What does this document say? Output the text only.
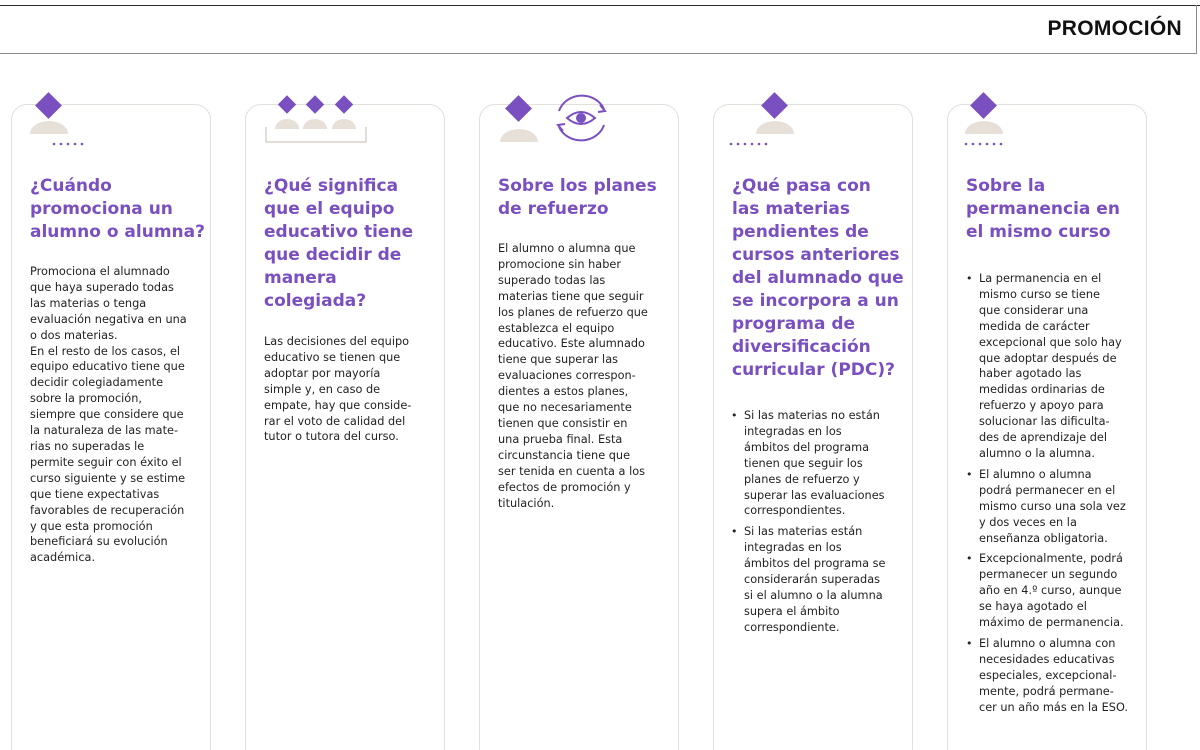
PROMOCIÓN
¿Cuándo
promociona un
alumno o alumna?
Promociona el alumnado
que haya superado todas
las materias o tenga
evaluación negativa en una
o dos materias.
En el resto de los casos, el
equipo educativo tiene que
decidir colegiadamente
sobre la promoción,
siempre que considere que
la naturaleza de las mate-
rias no superadas le
permite seguir con éxito el
curso siguiente y se estime
que tiene expectativas
favorables de recuperación
y que esta promoción
beneficiará su evolución
académica.
¿Qué significa
que el equipo
educativo tiene
que decidir de
manera
colegiada?
Las decisiones del equipo
educativo se tienen que
adoptar por mayoría
simple y, en caso de
empate, hay que conside-
rar el voto de calidad del
tutor o tutora del curso.
Sobre los planes
de refuerzo
El alumno o alumna que
promocione sin haber
superado todas las
materias tiene que seguir
los planes de refuerzo que
establezca el equipo
educativo. Este alumnado
tiene que superar las
evaluaciones correspon-
dientes a estos planes,
que no necesariamente
tienen que consistir en
una prueba final. Esta
circunstancia tiene que
ser tenida en cuenta a los
efectos de promoción y
titulación.
¿Qué pasa con
las materias
pendientes de
cursos anteriores
del alumnado que
se incorpora a un
programa de
diversificación
curricular (PDC)?
• Si las materias no están
integradas en los
ámbitos del programa
tienen que seguir los
planes de refuerzo y
superar las evaluaciones
correspondientes.
• Si las materias están
integradas en los
ámbitos del programa se
considerarán superadas
si el alumno o la alumna
supera el ámbito
correspondiente.
Sobre la
permanencia en
el mismo curso
• La permanencia en el
mismo curso se tiene
que considerar una
medida de carácter
excepcional que solo hay
que adoptar después de
haber agotado las
medidas ordinarias de
refuerzo y apoyo para
solucionar las dificulta-
des de aprendizaje del
alumno o la alumna.
• El alumno o alumna
podrá permanecer en el
mismo curso una sola vez
y dos veces en la
enseñanza obligatoria.
• Excepcionalmente, podrá
permanecer un segundo
año en 4.º curso, aunque
se haya agotado el
máximo de permanencia.
• El alumno o alumna con
necesidades educativas
especiales, excepcional-
mente, podrá permane-
cer un año más en la ESO.
